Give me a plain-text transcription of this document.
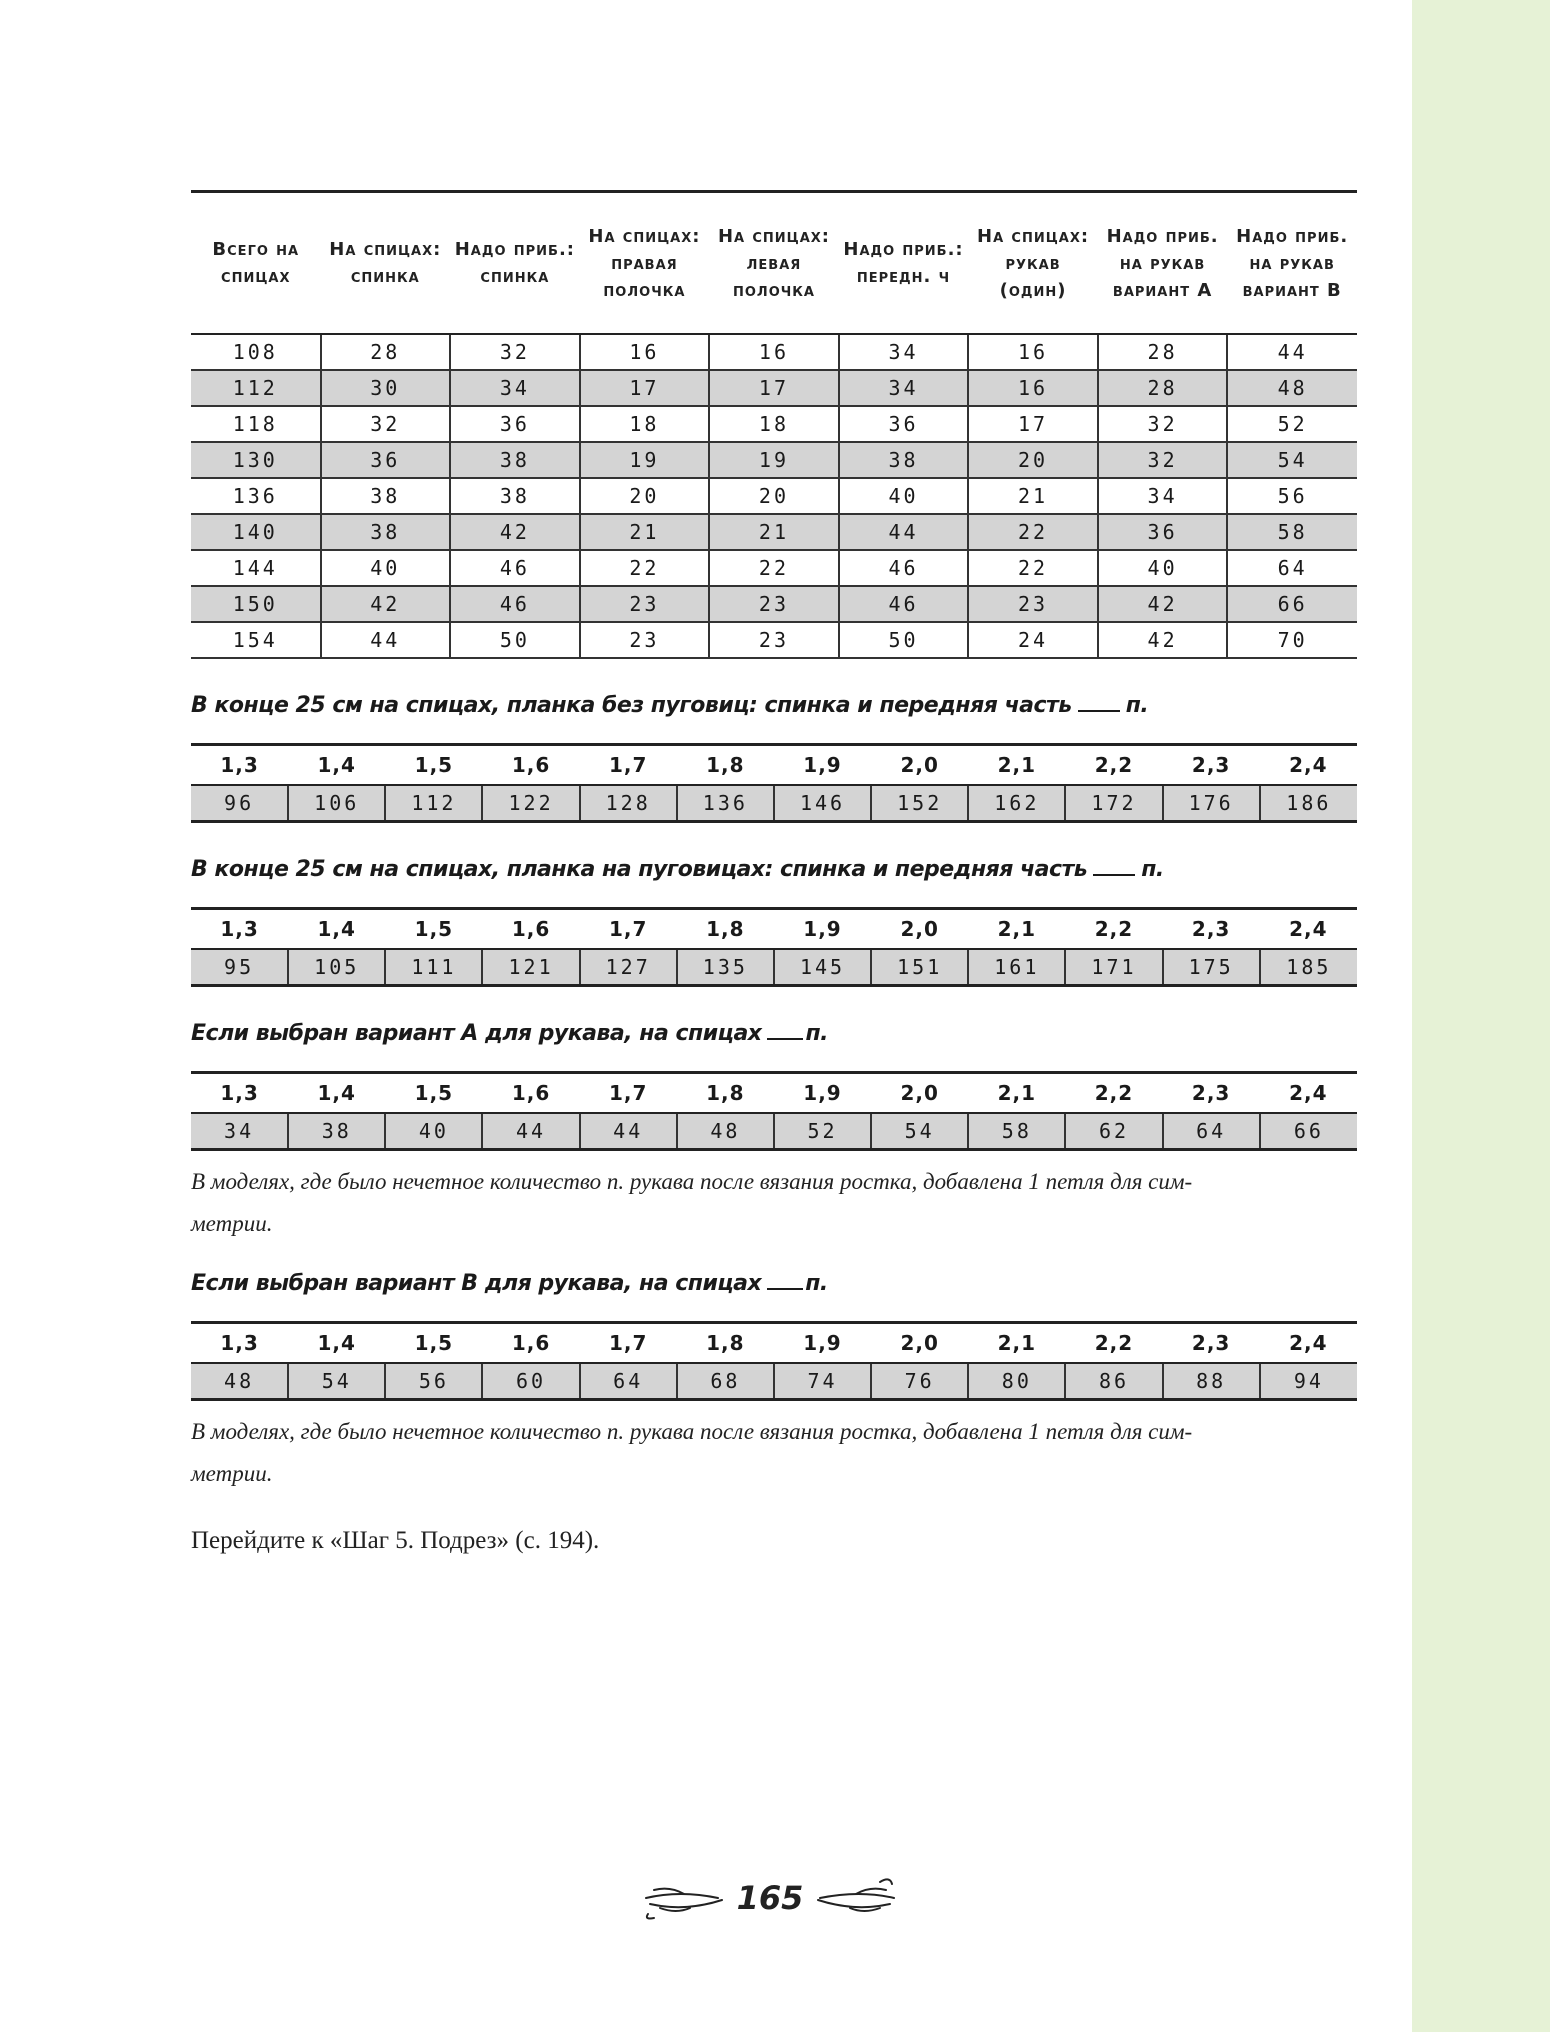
Всего на спицах	На спицах: спинка	Надо приб.: спинка	На спицах: правая полочка	На спицах: левая полочка	Надо приб.: передн. ч	На спицах: рукав (один)	Надо приб. на рукав вариант А	Надо приб. на рукав вариант B
108	28	32	16	16	34	16	28	44
112	30	34	17	17	34	16	28	48
118	32	36	18	18	36	17	32	52
130	36	38	19	19	38	20	32	54
136	38	38	20	20	40	21	34	56
140	38	42	21	21	44	22	36	58
144	40	46	22	22	46	22	40	64
150	42	46	23	23	46	23	42	66
154	44	50	23	23	50	24	42	70
В конце 25 см на спицах, планка без пуговиц: спинка и передняя часть п.
1,3	1,4	1,5	1,6	1,7	1,8	1,9	2,0	2,1	2,2	2,3	2,4
96	106	112	122	128	136	146	152	162	172	176	186
В конце 25 см на спицах, планка на пуговицах: спинка и передняя часть п.
1,3	1,4	1,5	1,6	1,7	1,8	1,9	2,0	2,1	2,2	2,3	2,4
95	105	111	121	127	135	145	151	161	171	175	185
Если выбран вариант А для рукава, на спицах п.
1,3	1,4	1,5	1,6	1,7	1,8	1,9	2,0	2,1	2,2	2,3	2,4
34	38	40	44	44	48	52	54	58	62	64	66
В моделях, где было нечетное количество п. рукава после вязания ростка, добавлена 1 петля для сим-
метрии.
Если выбран вариант В для рукава, на спицах п.
1,3	1,4	1,5	1,6	1,7	1,8	1,9	2,0	2,1	2,2	2,3	2,4
48	54	56	60	64	68	74	76	80	86	88	94
В моделях, где было нечетное количество п. рукава после вязания ростка, добавлена 1 петля для сим-
метрии.
Перейдите к «Шаг 5. Подрез» (с. 194).
165
